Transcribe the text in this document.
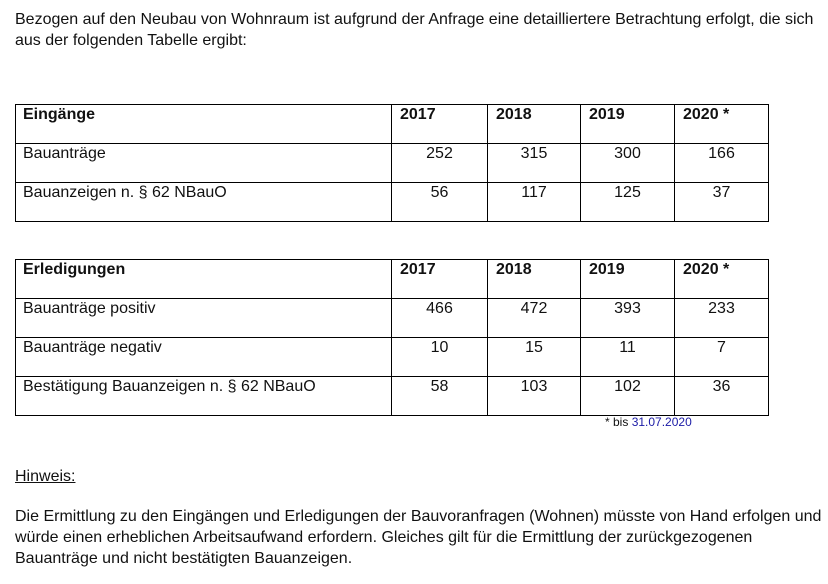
Bezogen auf den Neubau von Wohnraum ist aufgrund der Anfrage eine detailliertere Betrachtung erfolgt, die sich aus der folgenden Tabelle ergibt:

Eingänge	2017	2018	2019	2020 *
Bauanträge	252	315	300	166
Bauanzeigen n. § 62 NBauO	56	117	125	37
Erledigungen	2017	2018	2019	2020 *
Bauanträge positiv	466	472	393	233
Bauanträge negativ	10	15	11	7
Bestätigung Bauanzeigen n. § 62 NBauO	58	103	102	36
* bis 31.07.2020

Hinweis:

Die Ermittlung zu den Eingängen und Erledigungen der Bauvoranfragen (Wohnen) müsste von Hand erfolgen und würde einen erheblichen Arbeitsaufwand erfordern. Gleiches gilt für die Ermittlung der zurückgezogenen Bauanträge und nicht bestätigten Bauanzeigen.
